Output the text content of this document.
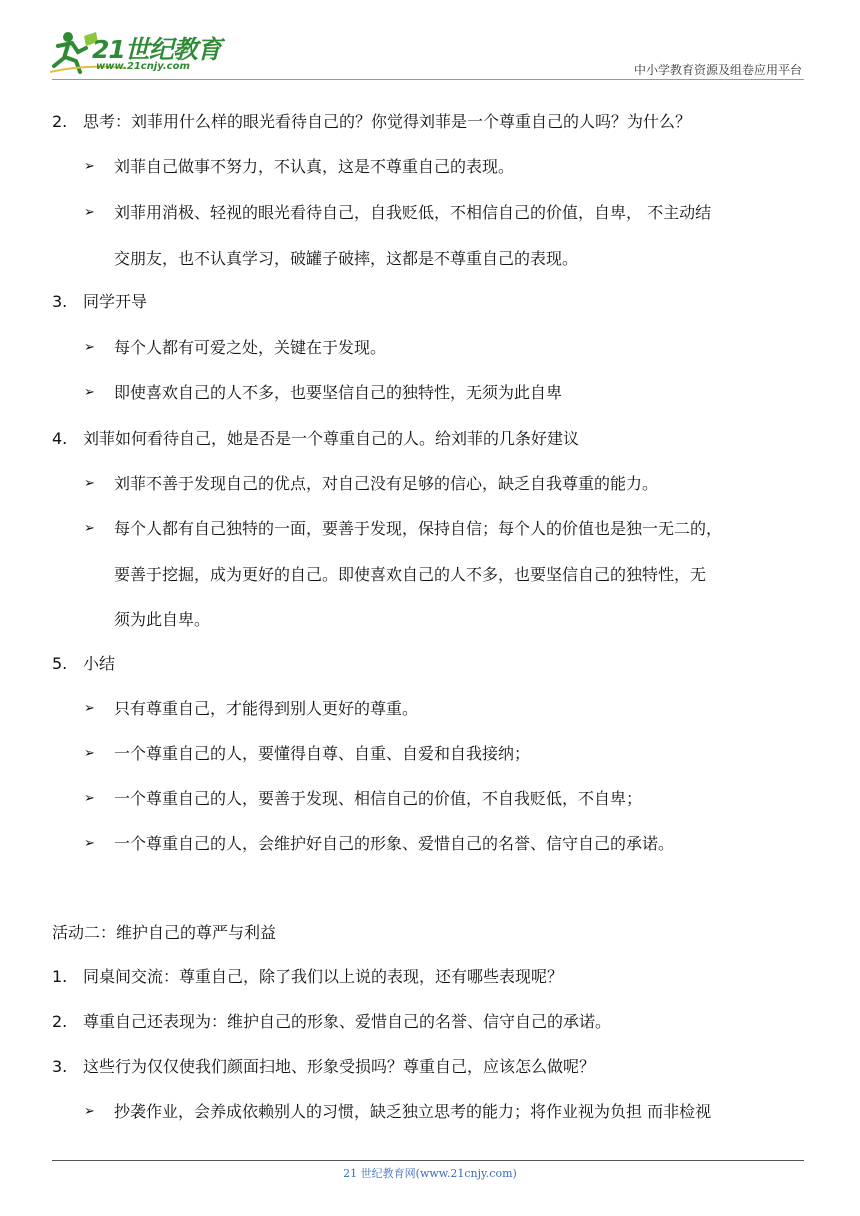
21世纪教育
www.21cnjy.com	中小学教育资源及组卷应用平台
2. 思考：刘菲用什么样的眼光看待自己的？你觉得刘菲是一个尊重自己的人吗？为什么？
➢ 刘菲自己做事不努力，不认真，这是不尊重自己的表现。
➢ 刘菲用消极、轻视的眼光看待自己，自我贬低，不相信自己的价值，自卑， 不主动结
交朋友，也不认真学习，破罐子破摔，这都是不尊重自己的表现。
3. 同学开导
➢ 每个人都有可爱之处，关键在于发现。
➢ 即使喜欢自己的人不多，也要坚信自己的独特性，无须为此自卑
4. 刘菲如何看待自己，她是否是一个尊重自己的人。给刘菲的几条好建议
➢ 刘菲不善于发现自己的优点，对自己没有足够的信心，缺乏自我尊重的能力。
➢ 每个人都有自己独特的一面，要善于发现，保持自信；每个人的价值也是独一无二的，
要善于挖掘，成为更好的自己。即使喜欢自己的人不多，也要坚信自己的独特性，无
须为此自卑。
5. 小结
➢ 只有尊重自己，才能得到别人更好的尊重。
➢ 一个尊重自己的人，要懂得自尊、自重、自爱和自我接纳；
➢ 一个尊重自己的人，要善于发现、相信自己的价值，不自我贬低，不自卑；
➢ 一个尊重自己的人，会维护好自己的形象、爱惜自己的名誉、信守自己的承诺。
活动二：维护自己的尊严与利益
1. 同桌间交流：尊重自己，除了我们以上说的表现，还有哪些表现呢？
2. 尊重自己还表现为：维护自己的形象、爱惜自己的名誉、信守自己的承诺。
3. 这些行为仅仅使我们颜面扫地、形象受损吗？尊重自己，应该怎么做呢？
➢ 抄袭作业，会养成依赖别人的习惯，缺乏独立思考的能力；将作业视为负担 而非检视
21 世纪教育网(www.21cnjy.com)
